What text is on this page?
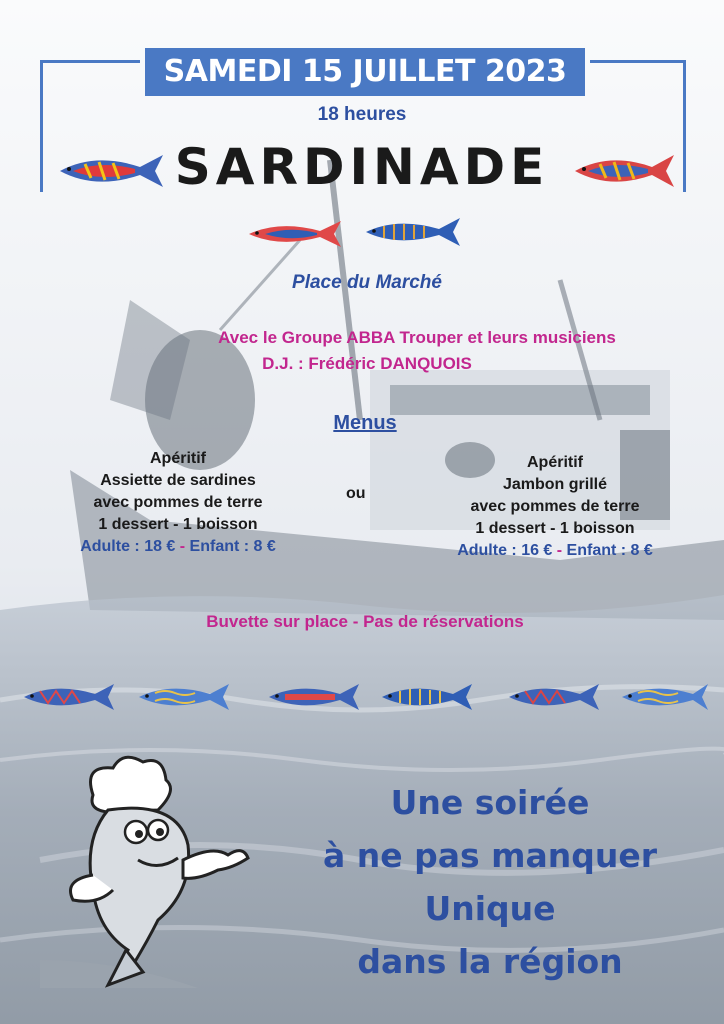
SAMEDI 15 JUILLET 2023
18 heures
SARDINADE
Place du Marché
Avec le Groupe ABBA Trouper et leurs musiciens
D.J. : Frédéric DANQUOIS
Menus
Apéritif
Assiette de sardines
avec pommes de terre
1 dessert - 1 boisson
Adulte : 18 € - Enfant : 8 €
ou
Apéritif
Jambon grillé
avec pommes de terre
1 dessert - 1 boisson
Adulte : 16 € - Enfant : 8 €
Buvette sur place - Pas de réservations
Une soirée
à ne pas manquer
Unique
dans la région
